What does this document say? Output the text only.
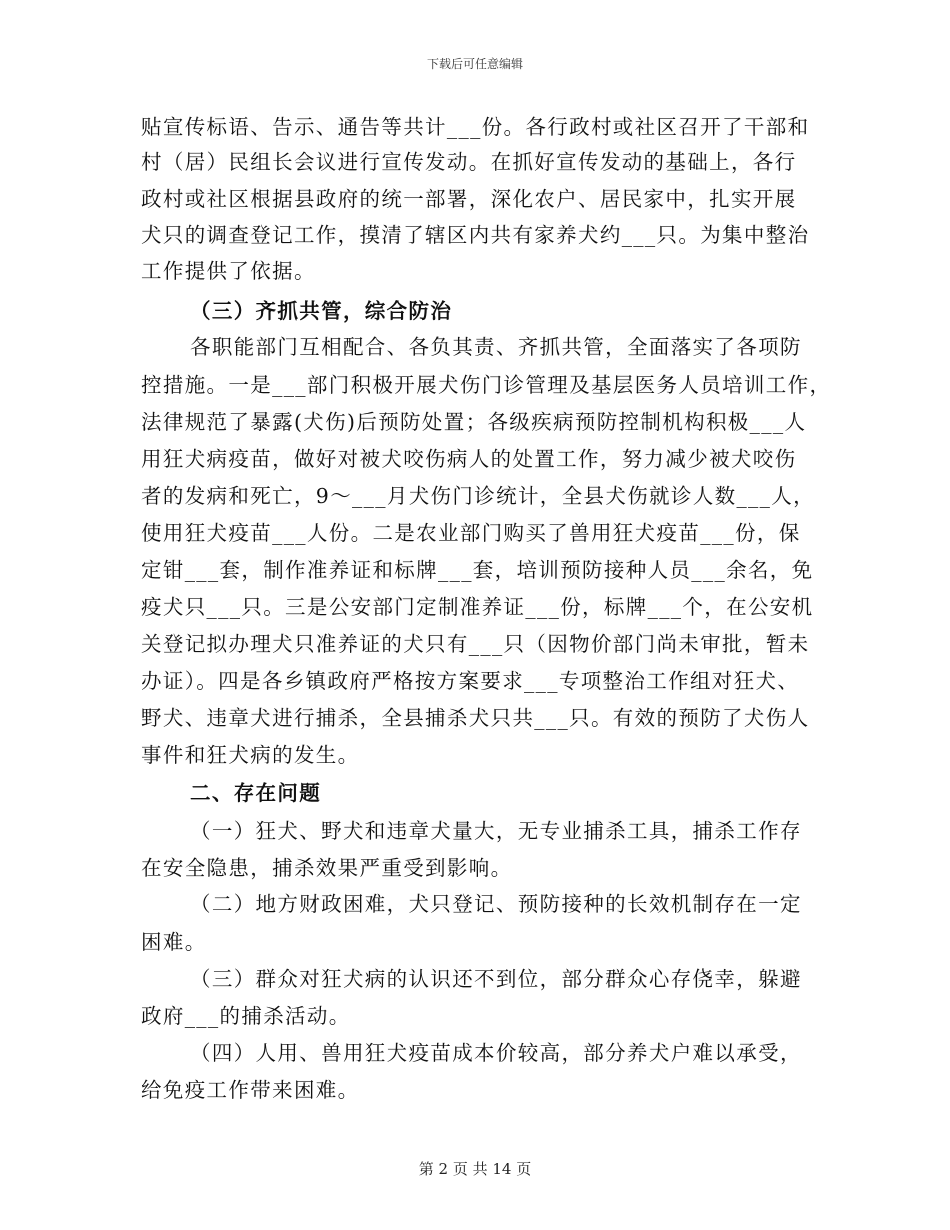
下载后可任意编辑
贴宣传标语、告示、通告等共计___份。各行政村或社区召开了干部和
村（居）民组长会议进行宣传发动。在抓好宣传发动的基础上，各行
政村或社区根据县政府的统一部署，深化农户、居民家中，扎实开展
犬只的调查登记工作，摸清了辖区内共有家养犬约___只。为集中整治
工作提供了依据。
（三）齐抓共管，综合防治
各职能部门互相配合、各负其责、齐抓共管，全面落实了各项防
控措施。一是___部门积极开展犬伤门诊管理及基层医务人员培训工作，
法律规范了暴露(犬伤)后预防处置；各级疾病预防控制机构积极___人
用狂犬病疫苗，做好对被犬咬伤病人的处置工作，努力减少被犬咬伤
者的发病和死亡，9～___月犬伤门诊统计，全县犬伤就诊人数___人，
使用狂犬疫苗___人份。二是农业部门购买了兽用狂犬疫苗___份，保
定钳___套，制作准养证和标牌___套，培训预防接种人员___余名，免
疫犬只___只。三是公安部门定制准养证___份，标牌___个，在公安机
关登记拟办理犬只准养证的犬只有___只（因物价部门尚未审批，暂未
办证）。四是各乡镇政府严格按方案要求___专项整治工作组对狂犬、
野犬、违章犬进行捕杀，全县捕杀犬只共___只。有效的预防了犬伤人
事件和狂犬病的发生。
二、存在问题
（一）狂犬、野犬和违章犬量大，无专业捕杀工具，捕杀工作存
在安全隐患，捕杀效果严重受到影响。
（二）地方财政困难，犬只登记、预防接种的长效机制存在一定
困难。
（三）群众对狂犬病的认识还不到位，部分群众心存侥幸，躲避
政府___的捕杀活动。
（四）人用、兽用狂犬疫苗成本价较高，部分养犬户难以承受，
给免疫工作带来困难。
第 2 页 共 14 页
